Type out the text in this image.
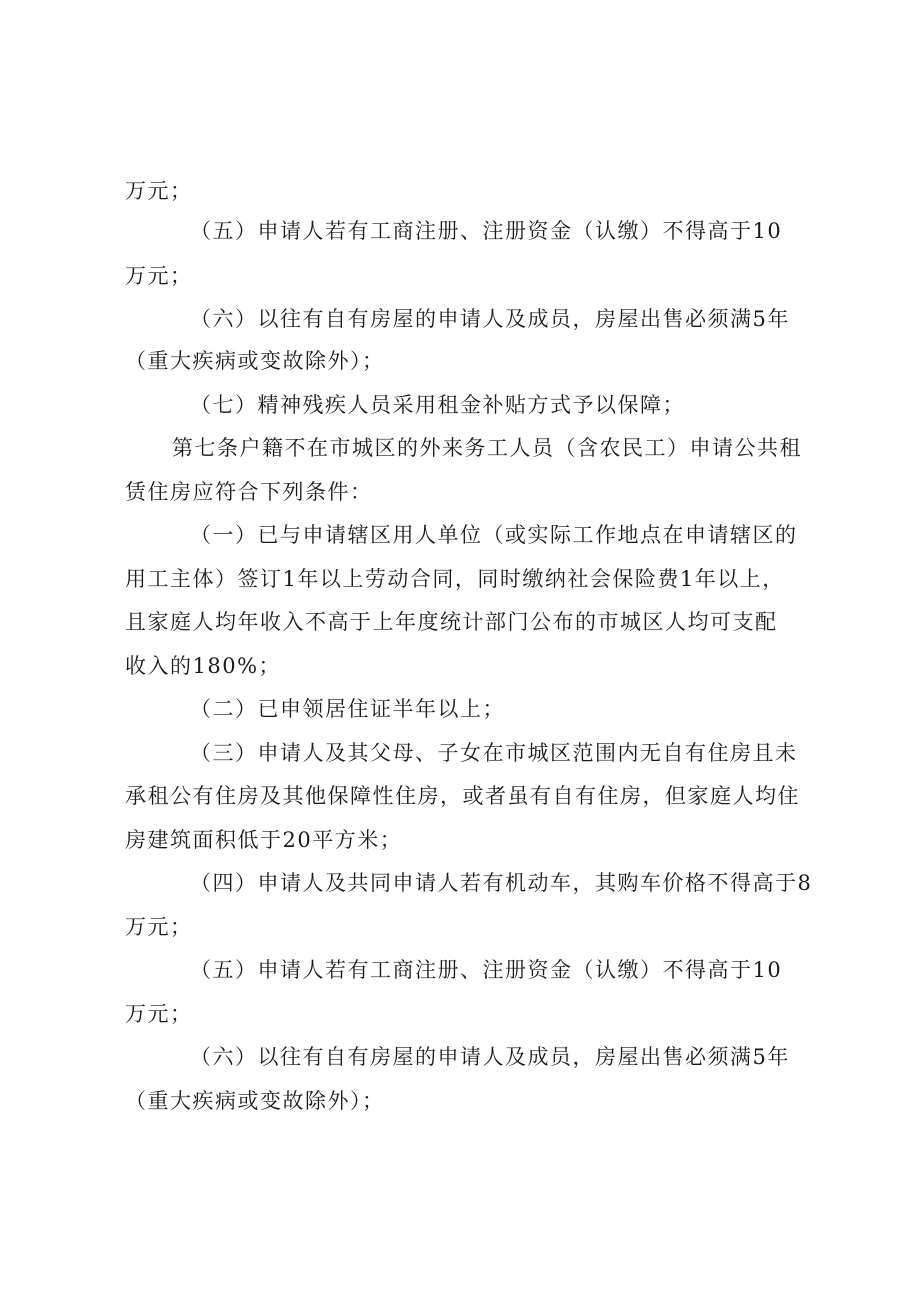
万元；
（五）申请人若有工商注册、注册资金（认缴）不得高于10
万元；
（六）以往有自有房屋的申请人及成员，房屋出售必须满5年
（重大疾病或变故除外）；
（七）精神残疾人员采用租金补贴方式予以保障；
第七条户籍不在市城区的外来务工人员（含农民工）申请公共租
赁住房应符合下列条件：
（一）已与申请辖区用人单位（或实际工作地点在申请辖区的
用工主体）签订1年以上劳动合同，同时缴纳社会保险费1年以上，
且家庭人均年收入不高于上年度统计部门公布的市城区人均可支配
收入的180%；
（二）已申领居住证半年以上；
（三）申请人及其父母、子女在市城区范围内无自有住房且未
承租公有住房及其他保障性住房，或者虽有自有住房，但家庭人均住
房建筑面积低于20平方米；
（四）申请人及共同申请人若有机动车，其购车价格不得高于8
万元；
（五）申请人若有工商注册、注册资金（认缴）不得高于10
万元；
（六）以往有自有房屋的申请人及成员，房屋出售必须满5年
（重大疾病或变故除外）；
